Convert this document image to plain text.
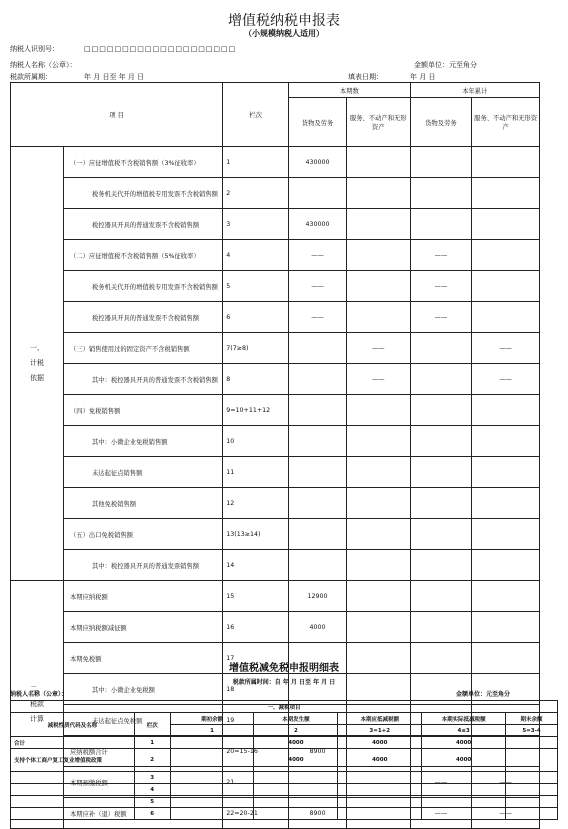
增值税纳税申报表
（小规模纳税人适用）
纳税人识别号：	□□□□□□□□□□□□□□□□□□□□
纳税人名称（公章）：	金额单位：元至角分
税款所属期：	年 月 日至 年 月 日	填表日期：	年 月 日
项 目		栏次	本期数		本年累计	
			货物及劳务	服务、不动产和无形资产	货物及劳务	服务、不动产和无形资产
一、计税依据	（一）应征增值税不含税销售额（3%征收率）	1	430000			
	税务机关代开的增值税专用发票不含税销售额	2				
	税控器具开具的普通发票不含税销售额	3	430000			
	（二）应征增值税不含税销售额（5%征收率）	4	——		——	
	税务机关代开的增值税专用发票不含税销售额	5	——		——	
	税控器具开具的普通发票不含税销售额	6	——		——	
	（三）销售使用过的固定资产不含税销售额	7(7≥8)		——		——
	其中：税控器具开具的普通发票不含税销售额	8		——		——
	（四）免税销售额	9=10+11+12				
	其中：小微企业免税销售额	10				
	未达起征点销售额	11				
	其他免税销售额	12				
	（五）出口免税销售额	13(13≥14)				
	其中：税控器具开具的普通发票销售额	14				
二、税款计算	本期应纳税额	15	12900			
	本期应纳税额减征额	16	4000			
	本期免税额	17				
	其中：小微企业免税额	18				
	未达起征点免税额	19				
	应纳税额合计	20=15-16	8900			
	本期预缴税额	21			——	——
	本期应补（退）税额	22=20-21	8900		——	——
增值税减免税申报明细表
税款所属时间：自 年 月 日至 年 月 日
纳税人名称（公章）：	金额单位：元至角分
一、减税项目						
减税性质代码及名称	栏次	期初余额	本期发生额	本期应抵减税额	本期实际抵减税额	期末余额
		1	2	3=1+2	4≤3	5=3-4
合计	1		4000	4000	4000	
支持个体工商户复工复业增值税政策	2		4000	4000	4000	
	3					
	4					
	5					
	6					
